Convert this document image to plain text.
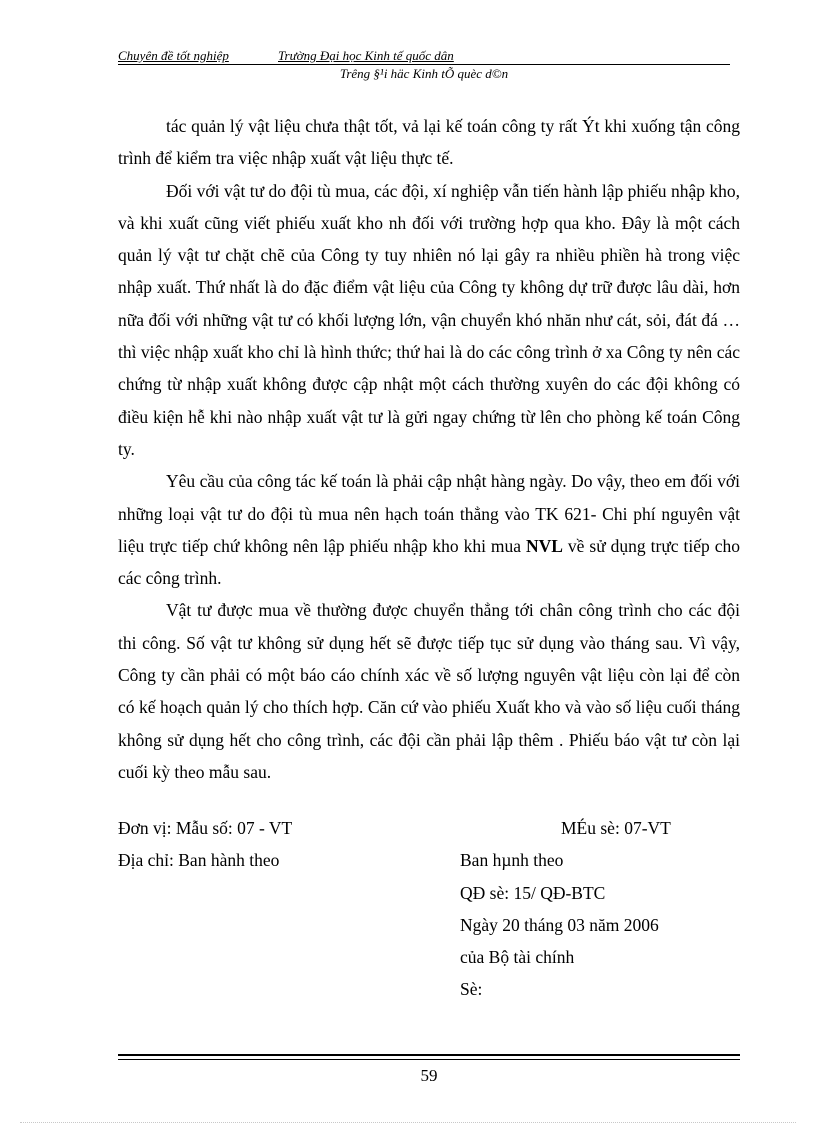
Chuyên đề tốt nghiệp	Trường Đại học Kinh tế quốc dân
Trêng §¹i häc Kinh tÕ quèc d©n

tác quản lý vật liệu chưa thật tốt, vả lại kế toán công ty rất Ýt khi xuống tận công trình để kiểm tra việc nhập xuất vật liệu thực tế.

Đối với vật tư do đội tù mua, các đội, xí nghiệp vẫn tiến hành lập phiếu nhập kho, và khi xuất cũng viết phiếu xuất kho nh đối với trường hợp qua kho. Đây là một cách quản lý vật tư chặt chẽ của Công ty tuy nhiên nó lại gây ra nhiều phiền hà trong việc nhập xuất. Thứ nhất là do đặc điểm vật liệu của Công ty không dự trữ được lâu dài, hơn nữa đối với những vật tư có khối lượng lớn, vận chuyển khó nhăn như cát, sỏi, đát đá … thì việc nhập xuất kho chỉ là hình thức; thứ hai là do các công trình ở xa Công ty nên các chứng từ nhập xuất không được cập nhật một cách thường xuyên do các đội không có điều kiện hễ khi nào nhập xuất vật tư là gửi ngay chứng từ lên cho phòng kế toán Công ty.

Yêu cầu của công tác kế toán là phải cập nhật hàng ngày. Do vậy, theo em đối với những loại vật tư do đội tù mua nên hạch toán thẳng vào TK 621- Chi phí nguyên vật liệu trực tiếp chứ không nên lập phiếu nhập kho khi mua NVL về sử dụng trực tiếp cho các công trình.

Vật tư được mua về thường được chuyển thẳng tới chân công trình cho các đội thi công. Số vật tư không sử dụng hết sẽ được tiếp tục sử dụng vào tháng sau. Vì vậy, Công ty cần phải có một báo cáo chính xác về số lượng nguyên vật liệu còn lại để còn có kế hoạch quản lý cho thích hợp. Căn cứ vào phiếu Xuất kho và vào số liệu cuối tháng không sử dụng hết cho công trình, các đội cần phải lập thêm . Phiếu báo vật tư còn lại cuối kỳ theo mẫu sau.

Đơn vị: Mẫu số: 07 - VT	MÉu sè: 07-VT
Địa chỉ: Ban hành theo	Ban hµnh theo
QĐ sè: 15/ QĐ-BTC
Ngày 20 tháng 03 năm 2006
của Bộ tài chính
Sè:
59
